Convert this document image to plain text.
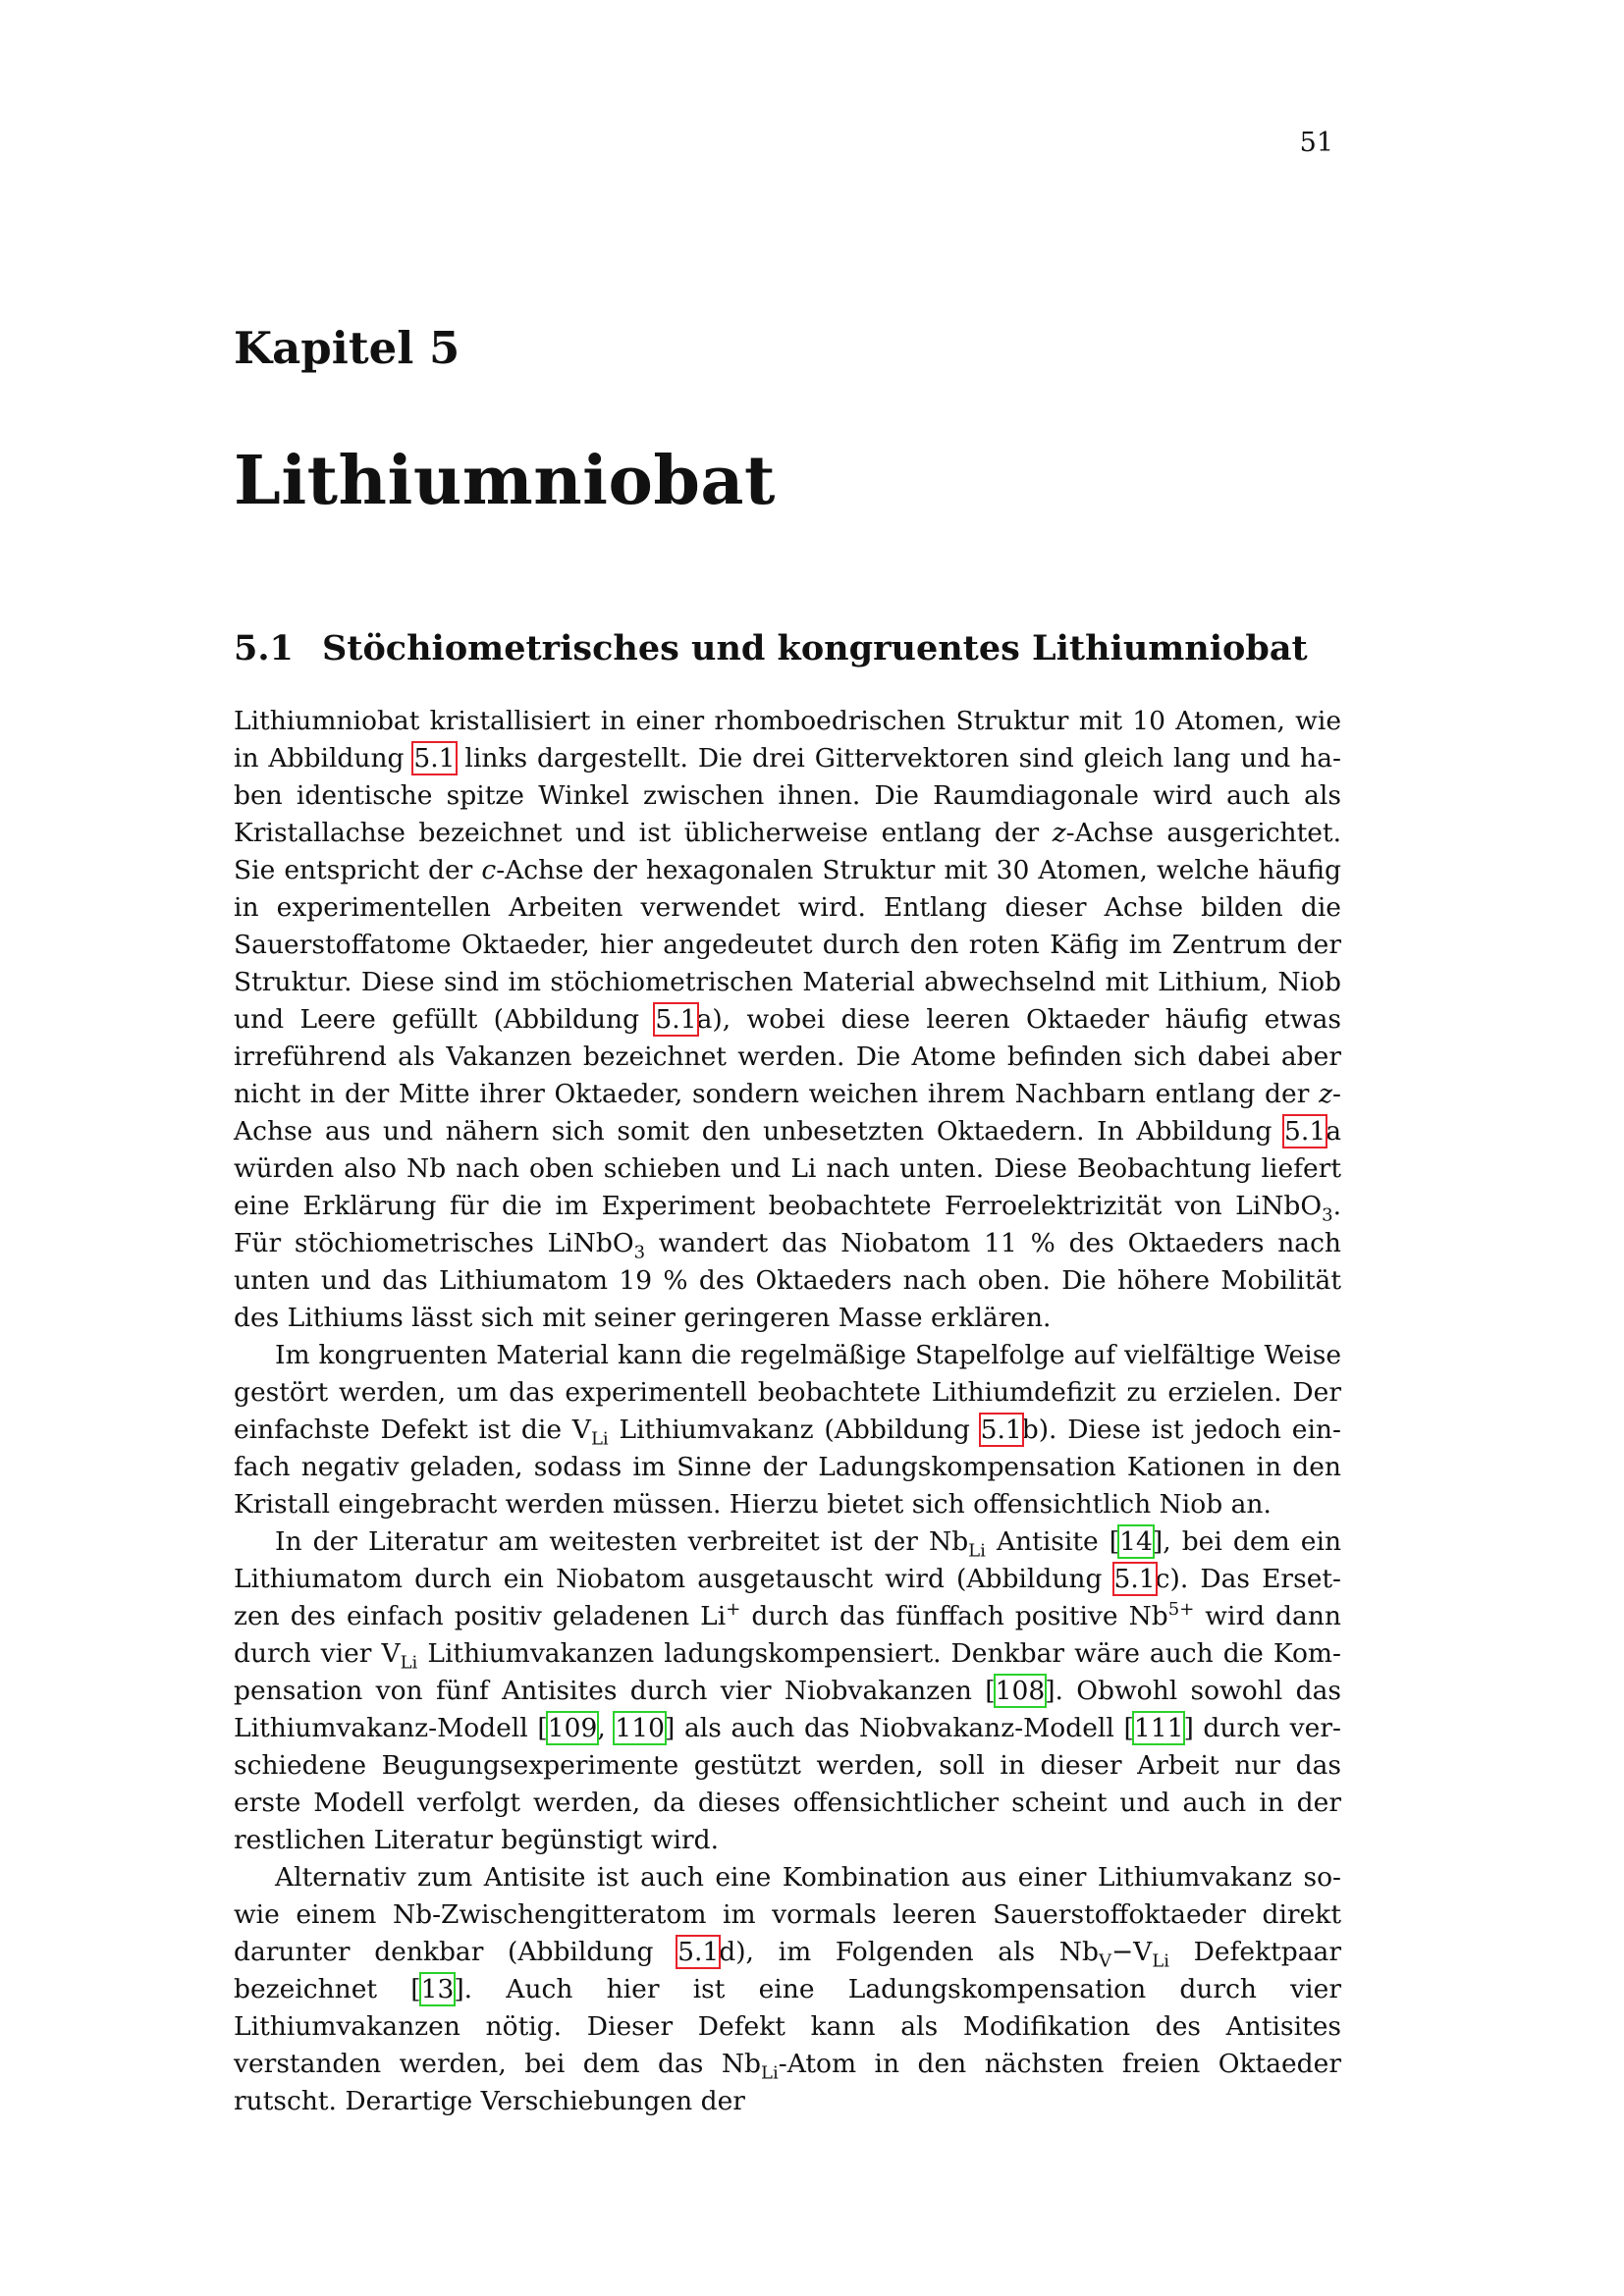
51
Kapitel 5
Lithiumniobat
5.1 Stöchiometrisches und kongruentes Lithiumniobat

Lithiumniobat kristallisiert in einer rhomboedrischen Struktur mit 10 Atomen, wie in Abbildung 5.1 links dargestellt. Die drei Gittervektoren sind gleich lang und haben identische spitze Winkel zwischen ihnen. Die Raumdiagonale wird auch als Kristallachse bezeichnet und ist üblicherweise entlang der z-Achse ausgerichtet. Sie entspricht der c-Achse der hexagonalen Struktur mit 30 Atomen, welche häufig in experimentellen Arbeiten verwendet wird. Entlang dieser Achse bilden die Sauerstoffatome Oktaeder, hier angedeutet durch den roten Käfig im Zentrum der Struktur. Diese sind im stöchiometrischen Material abwechselnd mit Lithium, Niob und Leere gefüllt (Abbildung 5.1a), wobei diese leeren Oktaeder häufig etwas irreführend als Vakanzen bezeichnet werden. Die Atome befinden sich dabei aber nicht in der Mitte ihrer Oktaeder, sondern weichen ihrem Nachbarn entlang der z-Achse aus und nähern sich somit den unbesetzten Oktaedern. In Abbildung 5.1a würden also Nb nach oben schieben und Li nach unten. Diese Beobachtung liefert eine Erklärung für die im Experiment beobachtete Ferroelektrizität von LiNbO$_3$. Für stöchiometrisches LiNbO$_3$ wandert das Niobatom 11 % des Oktaeders nach unten und das Lithiumatom 19 % des Oktaeders nach oben. Die höhere Mobilität des Lithiums lässt sich mit seiner geringeren Masse erklären.

Im kongruenten Material kann die regelmäßige Stapelfolge auf vielfältige Weise gestört werden, um das experimentell beobachtete Lithiumdefizit zu erzielen. Der einfachste Defekt ist die $V_{Li}$ Lithiumvakanz (Abbildung 5.1b). Diese ist jedoch einfach negativ geladen, sodass im Sinne der Ladungskompensation Kationen in den Kristall eingebracht werden müssen. Hierzu bietet sich offensichtlich Niob an.

In der Literatur am weitesten verbreitet ist der $Nb_{Li}$ Antisite [14], bei dem ein Lithiumatom durch ein Niobatom ausgetauscht wird (Abbildung 5.1c). Das Ersetzen des einfach positiv geladenen Li+ durch das fünffach positive $Nb^{5+}$ wird dann durch vier $V_{Li}$ Lithiumvakanzen ladungskompensiert. Denkbar wäre auch die Kompensation von fünf Antisites durch vier Niobvakanzen [108]. Obwohl sowohl das Lithiumvakanz-Modell [109, 110] als auch das Niobvakanz-Modell [111] durch verschiedene Beugungsexperimente gestützt werden, soll in dieser Arbeit nur das erste Modell verfolgt werden, da dieses offensichtlicher scheint und auch in der restlichen Literatur begünstigt wird.

Alternativ zum Antisite ist auch eine Kombination aus einer Lithiumvakanz sowie einem Nb-Zwischengitteratom im vormals leeren Sauerstoffoktaeder direkt darunter denkbar (Abbildung 5.1d), im Folgenden als $Nb_V-V_{Li}$ Defektpaar bezeichnet [13]. Auch hier ist eine Ladungskompensation durch vier Lithiumvakanzen nötig. Dieser Defekt kann als Modifikation des Antisites verstanden werden, bei dem das $Nb_{Li}$-Atom in den nächsten freien Oktaeder rutscht. Derartige Verschiebungen der
